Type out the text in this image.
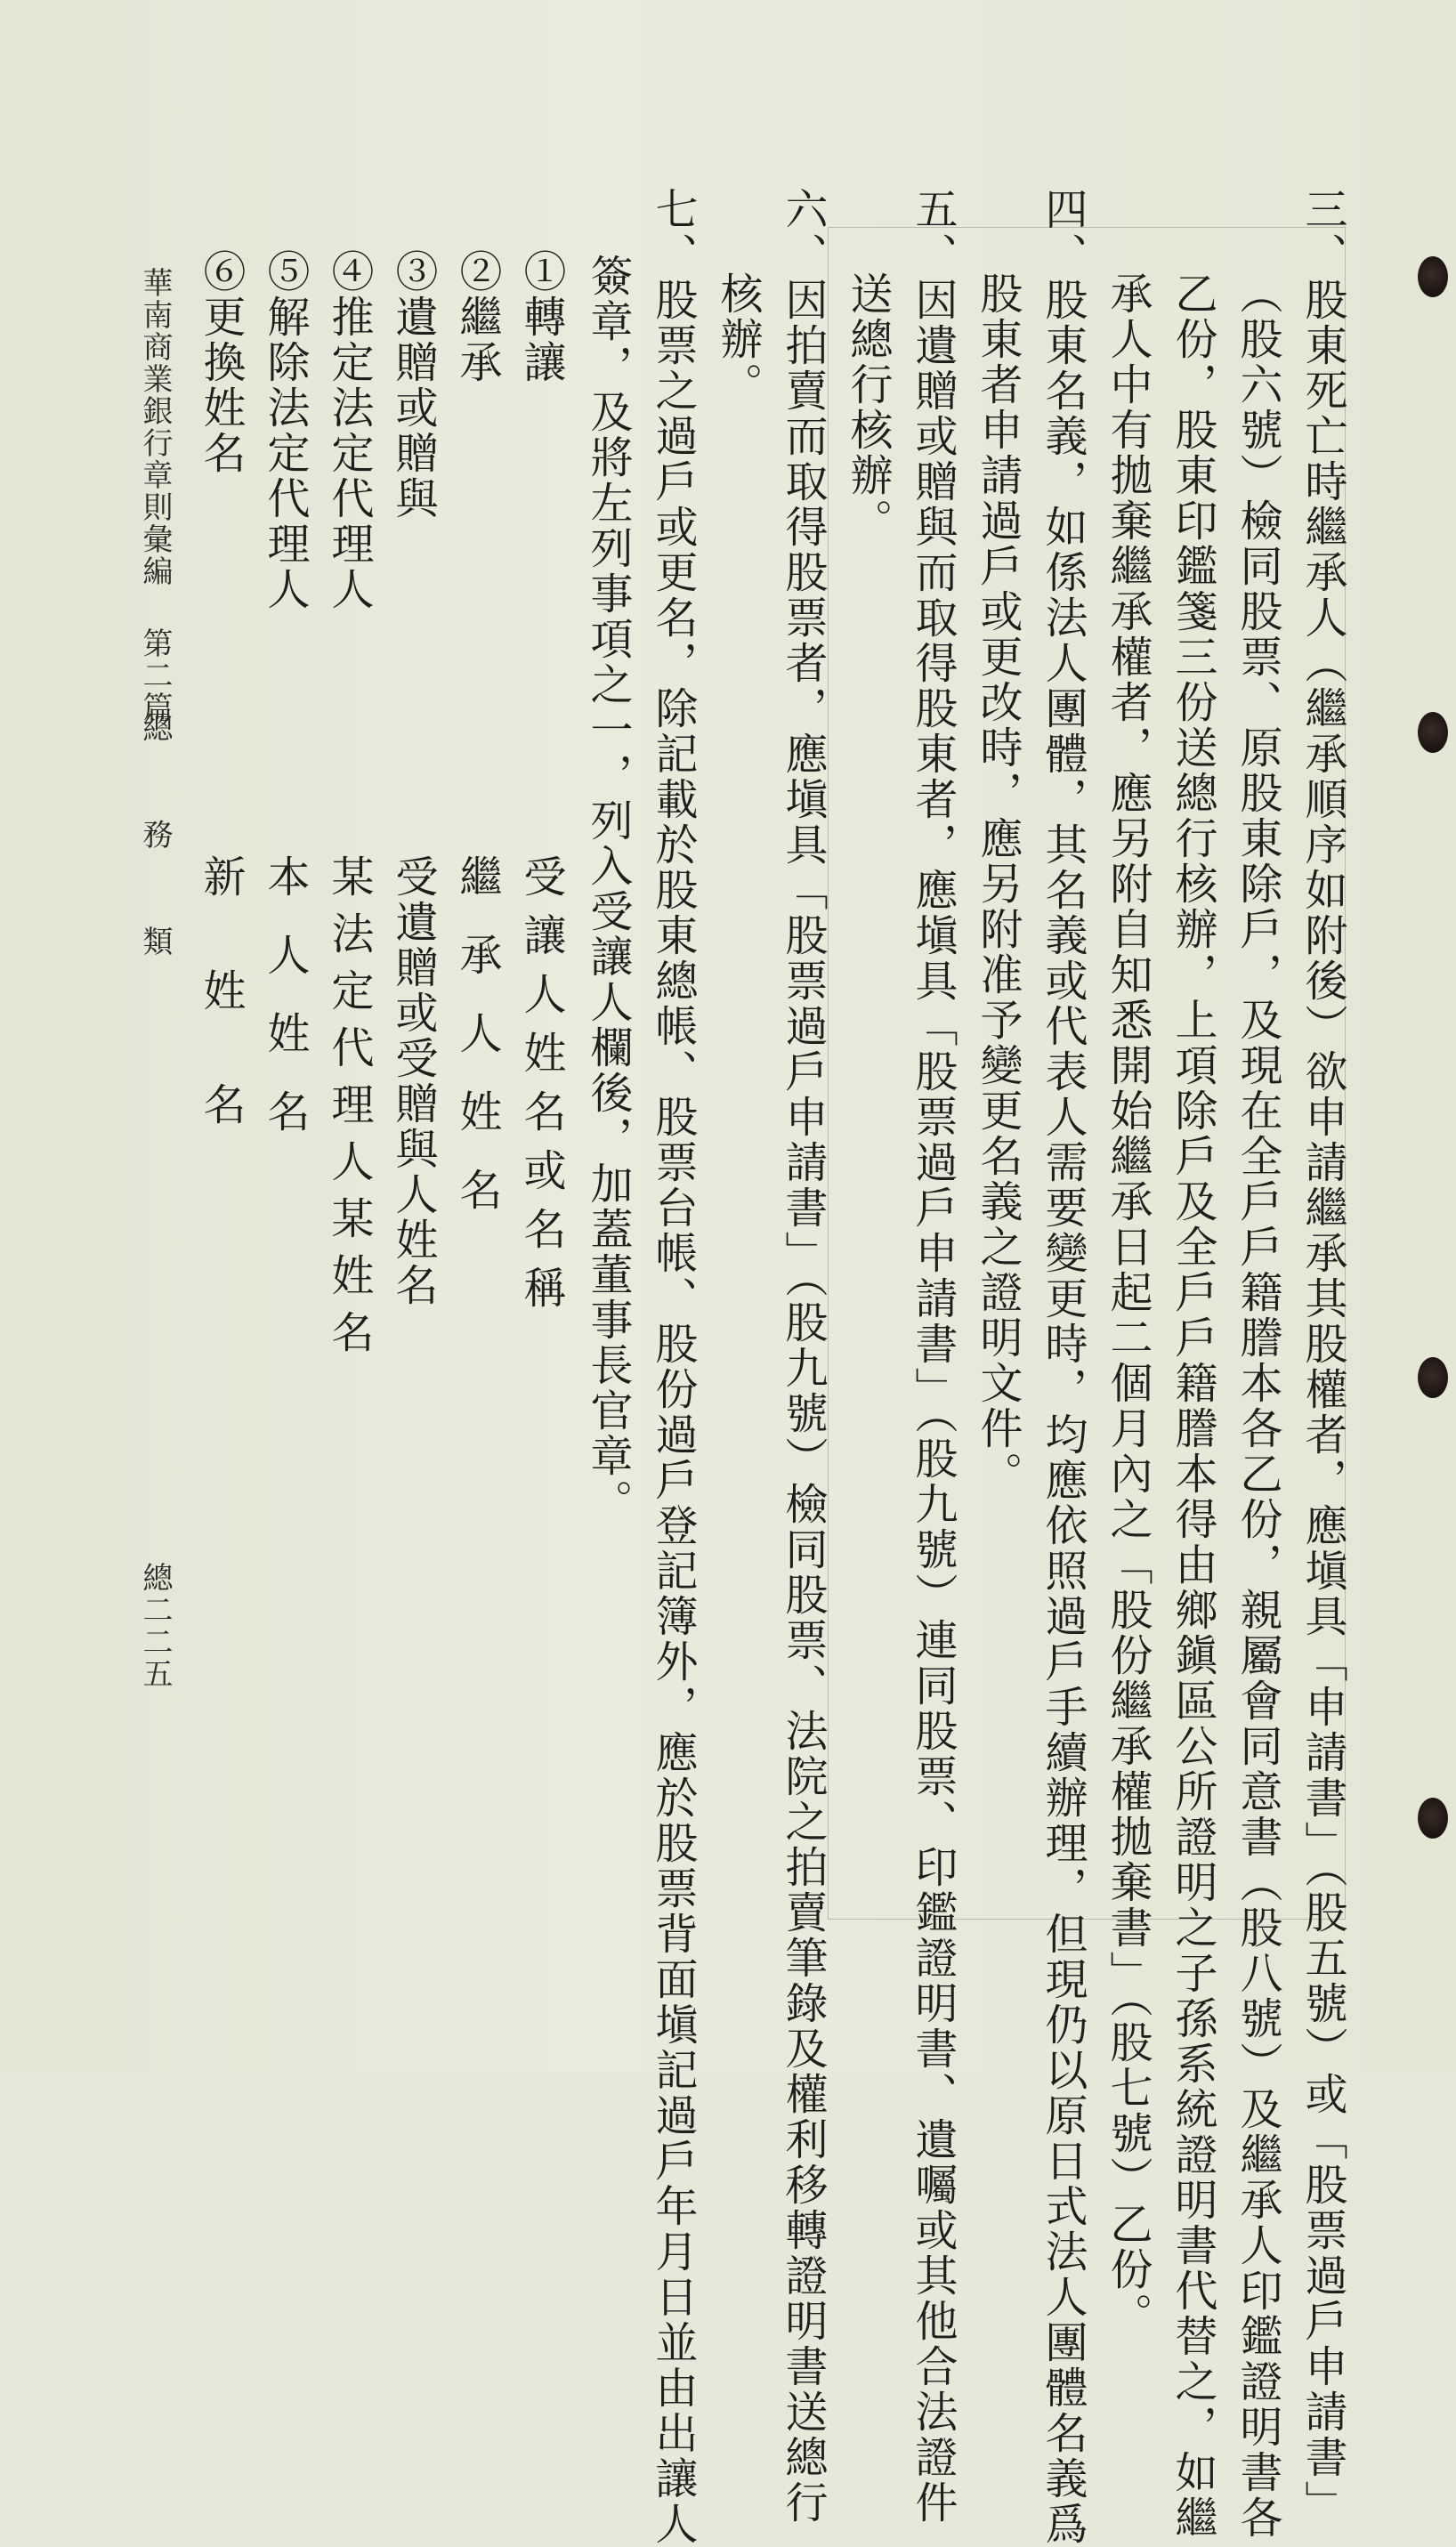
三、股東死亡時繼承人（繼承順序如附後）欲申請繼承其股權者，應塡具「申請書」（股五號）或「股票過戶申請書」
（股六號）檢同股票、原股東除戶，及現在全戶戶籍謄本各乙份，親屬會同意書（股八號）及繼承人印鑑證明書各
乙份，股東印鑑箋三份送總行核辦，上項除戶及全戶戶籍謄本得由鄉鎭區公所證明之子孫系統證明書代替之，如繼
承人中有拋棄繼承權者，應另附自知悉開始繼承日起二個月內之「股份繼承權拋棄書」（股七號）乙份。
四、股東名義，如係法人團體，其名義或代表人需要變更時，均應依照過戶手續辦理，但現仍以原日式法人團體名義爲
股東者申請過戶或更改時，應另附准予變更名義之證明文件。
五、因遺贈或贈與而取得股東者，應塡具「股票過戶申請書」（股九號）連同股票、印鑑證明書、遺囑或其他合法證件
送總行核辦。
六、因拍賣而取得股票者，應塡具「股票過戶申請書」（股九號）檢同股票、法院之拍賣筆錄及權利移轉證明書送總行
核辦。
七、股票之過戶或更名，除記載於股東總帳、股票台帳、股份過戶登記簿外，應於股票背面塡記過戶年月日並由出讓人
簽章，及將左列事項之一，列入受讓人欄後，加蓋董事長官章。
①轉讓
受讓人姓名或名稱
②繼承
繼承人姓名
③遺贈或贈與
受遺贈或受贈與人姓名
④推定法定代理人
某法定代理人某姓名
⑤解除法定代理人
本人姓名
⑥更換姓名
新姓名
華南商業銀行章則彙編
第二篇
總　務　類
總二二五
